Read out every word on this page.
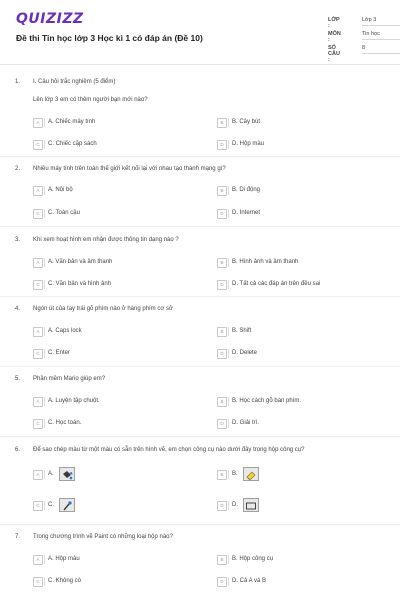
QUIZIZZ
Đề thi Tin học lớp 3 Học kì 1 có đáp án (Đề 10)
LỚP :
Lớp 3
MÔN :
Tin học
SỐ CÂU :
8
1. I. Câu hỏi trắc nghiệm (5 điểm)
Lên lớp 3 em có thêm người bạn mới nào?
A	A. Chiếc máy tính	B	B. Cây bút
C	C. Chiếc cặp sách	D	D. Hộp màu
2. Nhiều máy tính trên toàn thế giới kết nối lại với nhau tạo thành mạng gì?
A	A. Nội bộ	B	B. Di động
C	C. Toàn cầu	D	D. Internet
3. Khi xem hoạt hình em nhận được thông tin dạng nào ?
A	A. Văn bản và âm thanh	B	B. Hình ảnh và âm thanh
C	C. Văn bản và hình ảnh	D	D. Tất cả các đáp án trên đều sai
4. Ngón út của tay trái gõ phím nào ở hàng phím cơ sở
A	A. Caps lock	B	B. Shift
C	C. Enter	D	D. Delete
5. Phần mềm Mario giúp em?
A	A. Luyện tập chuột.	B	B. Học cách gõ bàn phím.
C	C. Học toán.	D	D. Giải trí.
6. Để sao chép màu từ một màu có sẵn trên hình vẽ, em chọn công cụ nào dưới đây trong hộp công cụ?
A	A.	B	B.
C	C.	D	D.
7. Trong chương trình vẽ Paint có những loại hộp nào?
A	A. Hộp màu	B	B. Hộp công cụ
C	C. Không có	D	D. Cả A và B
